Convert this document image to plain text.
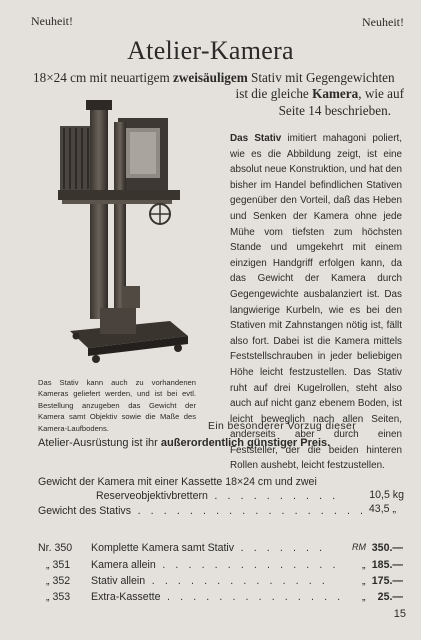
Neuheit!	Neuheit!
Atelier-Kamera
18×24 cm mit neuartigem zweisäuligem Stativ mit Gegengewichten
ist die gleiche Kamera, wie auf
Seite 14 beschrieben.
Das Stativ kann auch zu vorhandenen Kameras geliefert werden, und ist bei evtl. Bestellung anzugeben das Gewicht der Kamera samt Objektiv sowie die Maße des Kamera-Laufbodens.
Das Stativ imitiert mahagoni poliert, wie es die Abbildung zeigt, ist eine absolut neue Konstruktion, und hat den bisher im Handel befindlichen Stativen gegenüber den Vorteil, daß das Heben und Senken der Kamera ohne jede Mühe vom tiefsten zum höchsten Stande und umgekehrt mit einem einzigen Handgriff erfolgen kann, da das Gewicht der Kamera durch Gegengewichte ausbalanziert ist. Das langwierige Kurbeln, wie es bei den Stativen mit Zahnstangen nötig ist, fällt also fort. Dabei ist die Kamera mittels Feststellschrauben in jeder beliebigen Höhe leicht festzustellen. Das Stativ ruht auf drei Kugelrollen, steht also auch auf nicht ganz ebenem Boden, ist leicht beweglich nach allen Seiten, anderseits aber durch einen Feststeller, der die beiden hinteren Rollen aushebt, leicht festzustellen.
Ein besonderer Vorzug dieser
Atelier-Ausrüstung ist ihr außerordentlich günstiger Preis.
Gewicht der Kamera mit einer Kassette 18×24 cm und zwei
Reserveobjektivbrettern . . . . . . . . . .	10,5 kg
Gewicht des Stativs . . . . . . . . . . . . . . . . . . 43,5 „
Nr. 350 Komplette Kamera samt Stativ . . . . . . .	RM 350.—
„ 351 Kamera allein . . . . . . . . . . . . . . „ 185.—
„ 352 Stativ allein . . . . . . . . . . . . . .	„ 175.—
„ 353 Extra-Kassette . . . . . . . . . . . . . . „ 25.—
15
